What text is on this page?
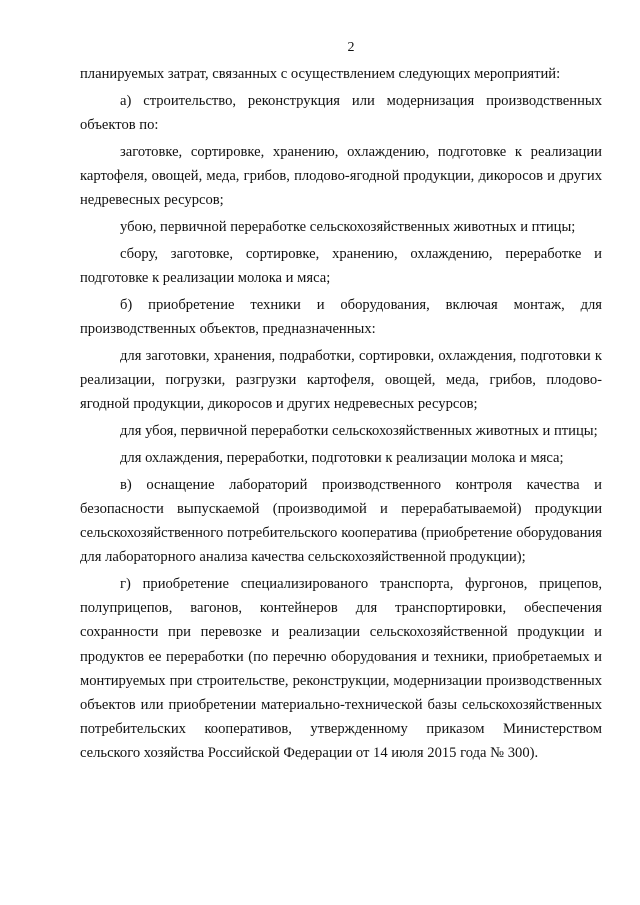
2

планируемых затрат, связанных с осуществлением следующих мероприятий:

а) строительство, реконструкция или модернизация производственных объектов по:

заготовке, сортировке, хранению, охлаждению, подготовке к реализации картофеля, овощей, меда, грибов, плодово-ягодной продукции, дикоросов и других недревесных ресурсов;

убою, первичной переработке сельскохозяйственных животных и птицы;

сбору, заготовке, сортировке, хранению, охлаждению, переработке и подготовке к реализации молока и мяса;

б) приобретение техники и оборудования, включая монтаж, для производственных объектов, предназначенных:

для заготовки, хранения, подработки, сортировки, охлаждения, подготовки к реализации, погрузки, разгрузки картофеля, овощей, меда, грибов, плодово-ягодной продукции, дикоросов и других недревесных ресурсов;

для убоя, первичной переработки сельскохозяйственных животных и птицы;

для охлаждения, переработки, подготовки к реализации молока и мяса;

в) оснащение лабораторий производственного контроля качества и безопасности выпускаемой (производимой и перерабатываемой) продукции сельскохозяйственного потребительского кооператива (приобретение оборудования для лабораторного анализа качества сельскохозяйственной продукции);

г) приобретение специализированого транспорта, фургонов, прицепов, полуприцепов, вагонов, контейнеров для транспортировки, обеспечения сохранности при перевозке и реализации сельскохозяйственной продукции и продуктов ее переработки (по перечню оборудования и техники, приобретаемых и монтируемых при строительстве, реконструкции, модернизации производственных объектов или приобретении материально-технической базы сельскохозяйственных потребительских кооперативов, утвержденному приказом Министерством сельского хозяйства Российской Федерации от 14 июля 2015 года № 300).
